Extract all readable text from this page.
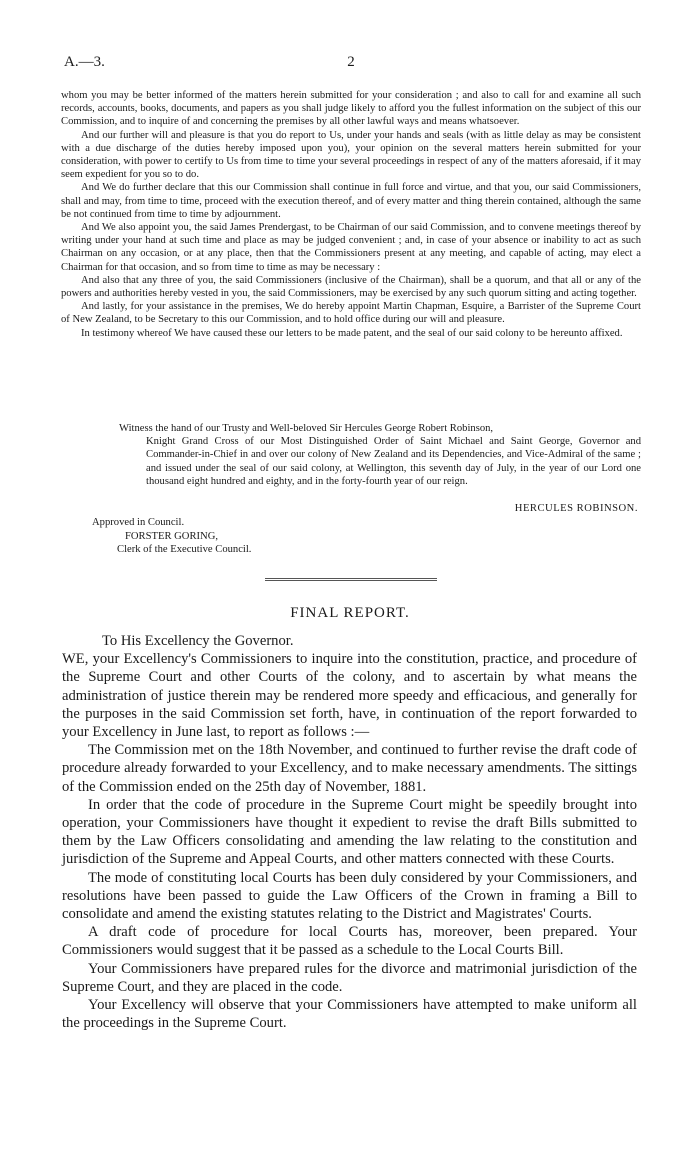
A.—3.	2

whom you may be better informed of the matters herein submitted for your consideration ; and also to call for and examine all such records, accounts, books, documents, and papers as you shall judge likely to afford you the fullest information on the subject of this our Commission, and to inquire of and concerning the premises by all other lawful ways and means whatsoever.

And our further will and pleasure is that you do report to Us, under your hands and seals (with as little delay as may be consistent with a due discharge of the duties hereby imposed upon you), your opinion on the several matters herein submitted for your consideration, with power to certify to Us from time to time your several proceedings in respect of any of the matters aforesaid, if it may seem expedient for you so to do.

And We do further declare that this our Commission shall continue in full force and virtue, and that you, our said Commissioners, shall and may, from time to time, proceed with the execution thereof, and of every matter and thing therein contained, although the same be not continued from time to time by adjournment.

And We also appoint you, the said James Prendergast, to be Chairman of our said Commission, and to convene meetings thereof by writing under your hand at such time and place as may be judged convenient ; and, in case of your absence or inability to act as such Chairman on any occasion, or at any place, then that the Commissioners present at any meeting, and capable of acting, may elect a Chairman for that occasion, and so from time to time as may be necessary :

And also that any three of you, the said Commissioners (inclusive of the Chairman), shall be a quorum, and that all or any of the powers and authorities hereby vested in you, the said Commissioners, may be exercised by any such quorum sitting and acting together.

And lastly, for your assistance in the premises, We do hereby appoint Martin Chapman, Esquire, a Barrister of the Supreme Court of New Zealand, to be Secretary to this our Commission, and to hold office during our will and pleasure.

In testimony whereof We have caused these our letters to be made patent, and the seal of our said colony to be hereunto affixed.

Witness the hand of our Trusty and Well-beloved Sir Hercules George Robert Robinson,
Knight Grand Cross of our Most Distinguished Order of Saint Michael and Saint George, Governor and Commander-in-Chief in and over our colony of New Zealand and its Dependencies, and Vice-Admiral of the same ; and issued under the seal of our said colony, at Wellington, this seventh day of July, in the year of our Lord one thousand eight hundred and eighty, and in the forty-fourth year of our reign.
HERCULES ROBINSON.
Approved in Council.
FORSTER GORING,
Clerk of the Executive Council.
FINAL REPORT.

To His Excellency the Governor.

WE, your Excellency's Commissioners to inquire into the constitution, practice, and procedure of the Supreme Court and other Courts of the colony, and to ascertain by what means the administration of justice therein may be rendered more speedy and efficacious, and generally for the purposes in the said Commission set forth, have, in continuation of the report forwarded to your Excellency in June last, to report as follows :—

The Commission met on the 18th November, and continued to further revise the draft code of procedure already forwarded to your Excellency, and to make necessary amendments. The sittings of the Commission ended on the 25th day of November, 1881.

In order that the code of procedure in the Supreme Court might be speedily brought into operation, your Commissioners have thought it expedient to revise the draft Bills submitted to them by the Law Officers consolidating and amending the law relating to the constitution and jurisdiction of the Supreme and Appeal Courts, and other matters connected with these Courts.

The mode of constituting local Courts has been duly considered by your Commissioners, and resolutions have been passed to guide the Law Officers of the Crown in framing a Bill to consolidate and amend the existing statutes relating to the District and Magistrates' Courts.

A draft code of procedure for local Courts has, moreover, been prepared. Your Commissioners would suggest that it be passed as a schedule to the Local Courts Bill.

Your Commissioners have prepared rules for the divorce and matrimonial jurisdiction of the Supreme Court, and they are placed in the code.

Your Excellency will observe that your Commissioners have attempted to make uniform all the proceedings in the Supreme Court.
